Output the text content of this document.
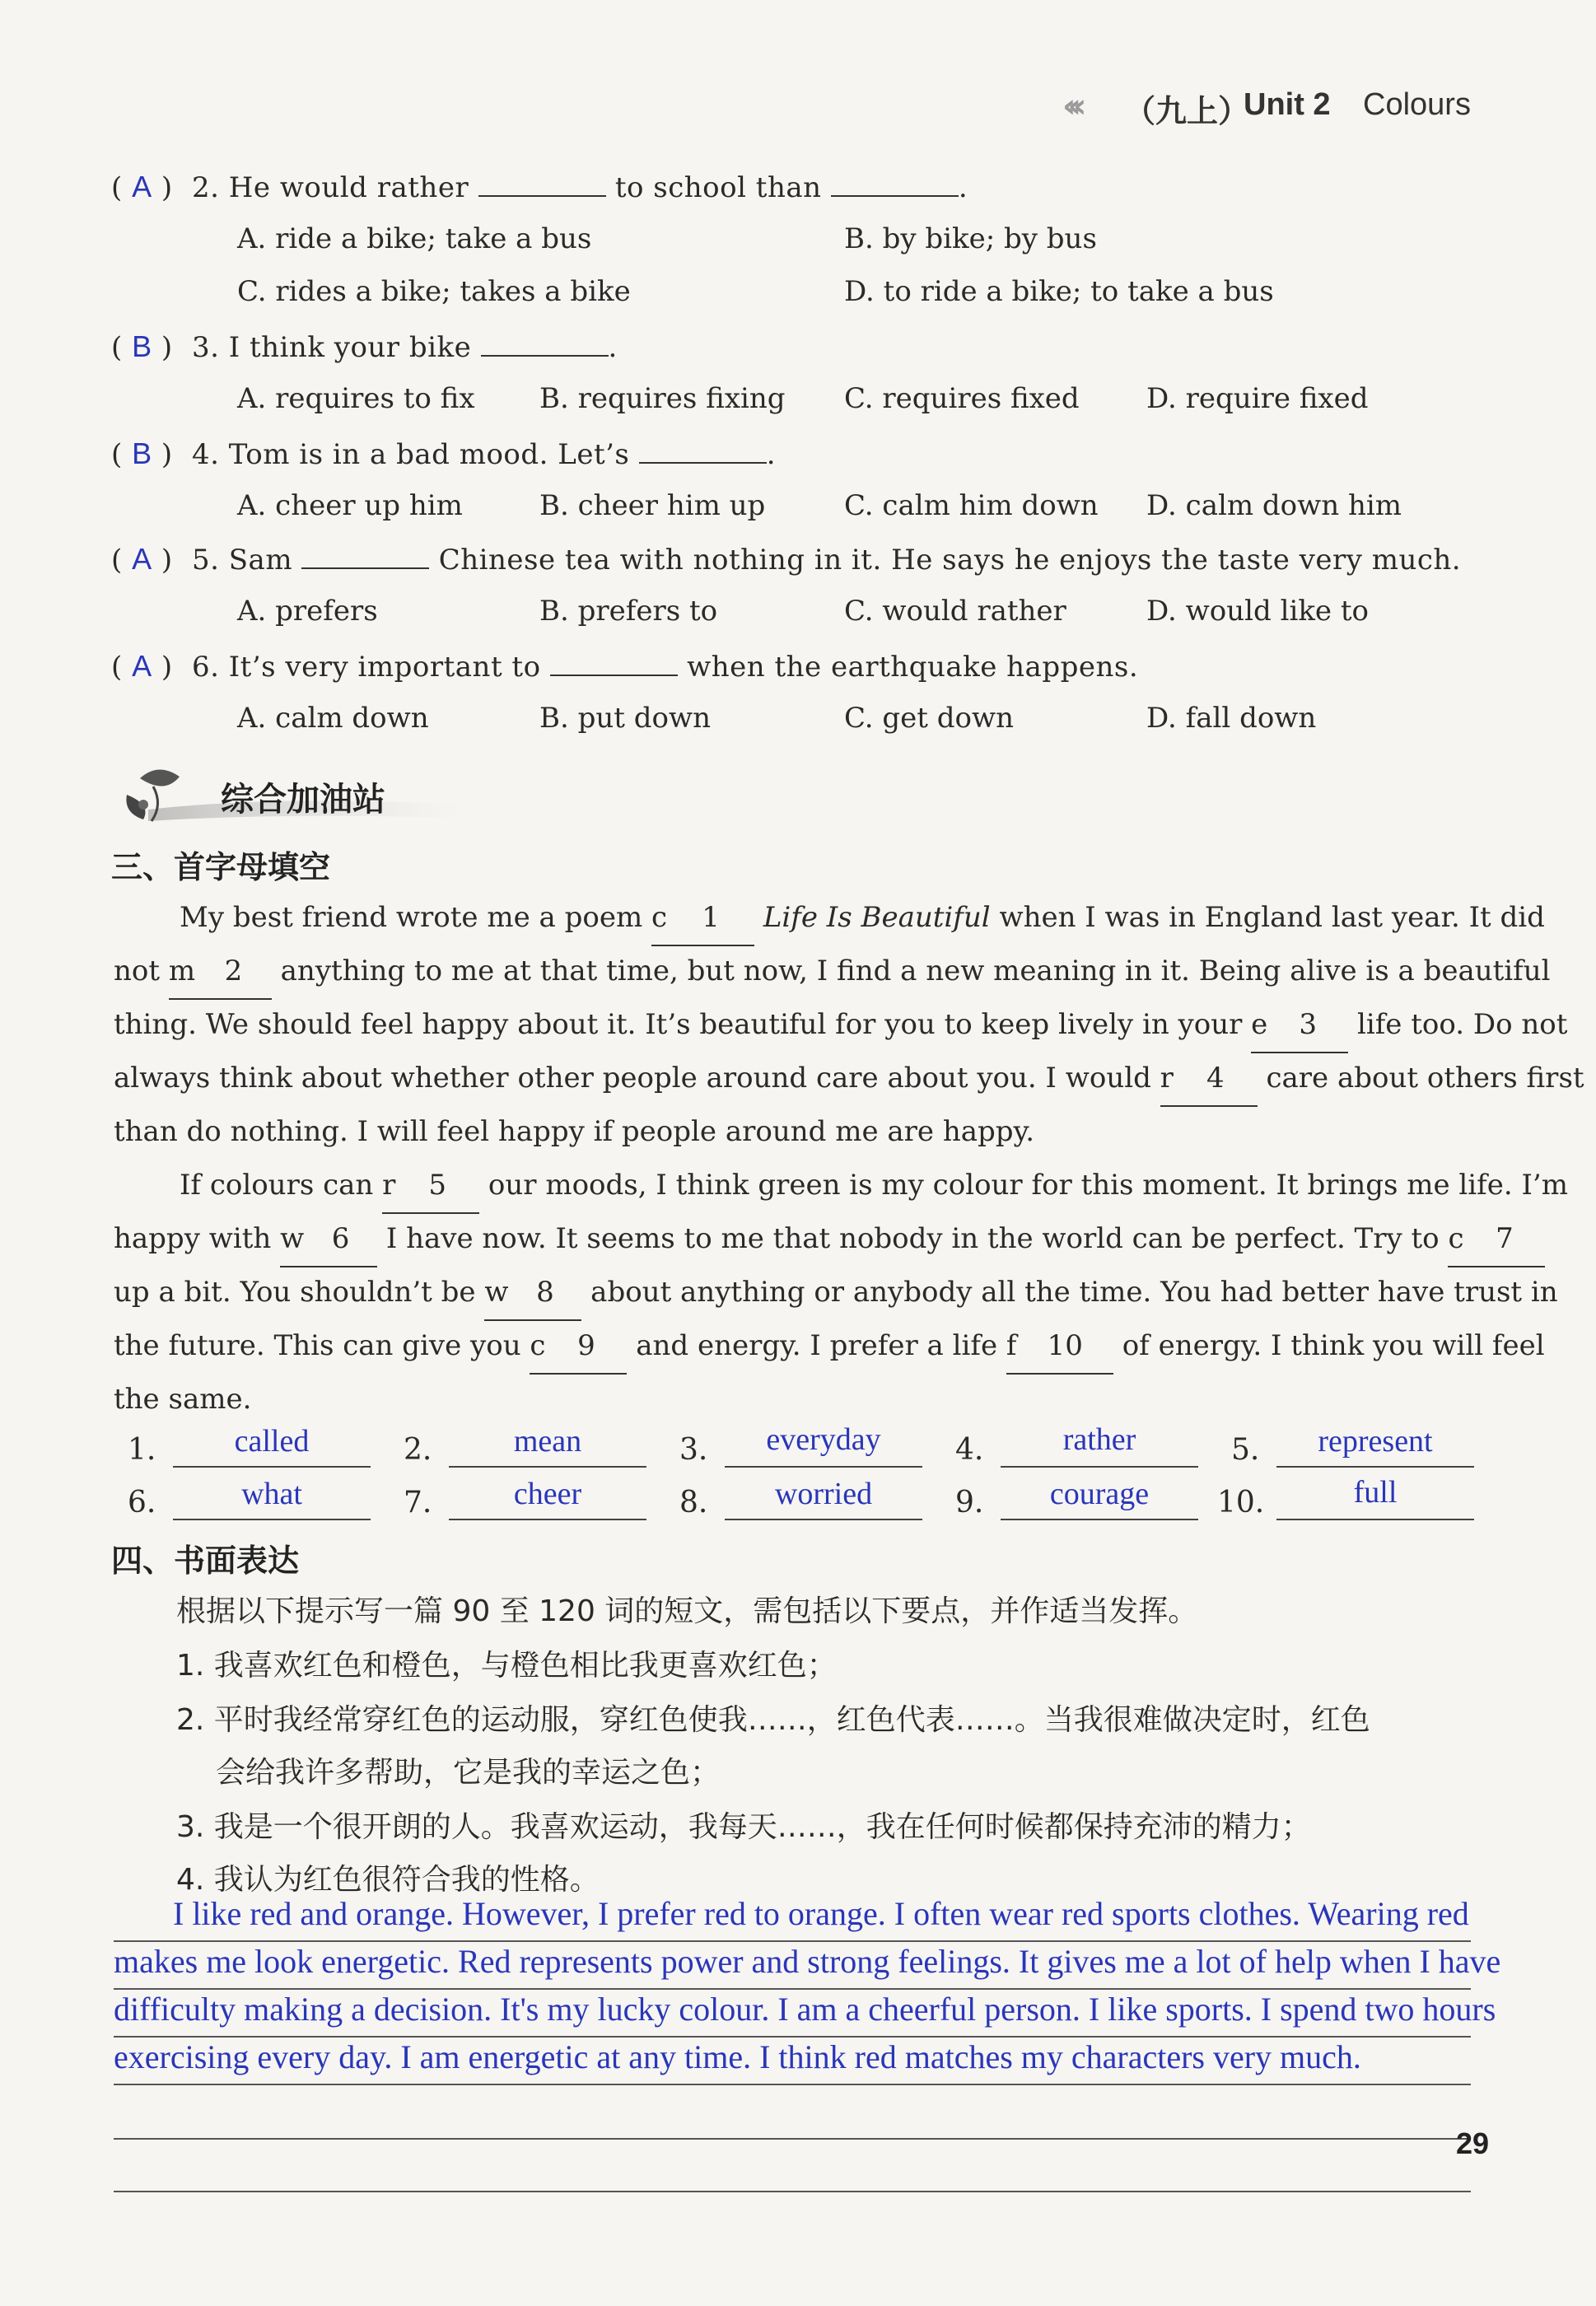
‹‹‹ （九上）
Unit 2 Colours
( A ) 2. He would rather	to school than	.
A. ride a bike; take a bus	B. by bike; by bus
C. rides a bike; takes a bike	D. to ride a bike; to take a bus
( B ) 3. I think your bike	.
A. requires to fix B. requires fixing C. requires fixed D. require fixed
( B ) 4. Tom is in a bad mood. Let’s	.
A. cheer up him	B. cheer him up	C. calm him down D. calm down him
( A ) 5. Sam	Chinese tea with nothing in it. He says he enjoys the taste very much.
A. prefers	B. prefers to	C. would rather	D. would like to
( A ) 6. It’s very important to	when the earthquake happens.
A. calm down	B. put down	C. get down	D. fall down
综合加油站
三、首字母填空
My best friend wrote me a poem c 1 Life Is Beautiful when I was in England last year. It did
not m 2 anything to me at that time, but now, I find a new meaning in it. Being alive is a beautiful
thing. We should feel happy about it. It’s beautiful for you to keep lively in your e 3 life too. Do not
always think about whether other people around care about you. I would r 4 care about others first
than do nothing. I will feel happy if people around me are happy.
If colours can r 5 our moods, I think green is my colour for this moment. It brings me life. I’m
happy with w 6 I have now. It seems to me that nobody in the world can be perfect. Try to c 7
up a bit. You shouldn’t be w 8 about anything or anybody all the time. You had better have trust in
the future. This can give you c 9 and energy. I prefer a life f 10 of energy. I think you will feel
the same.
1.	called	2.	mean	3.	everyday	4.	rather	5.	represent
6.	what	7.	cheer	8.	worried	9.	courage	10.	full
四、书面表达
根据以下提示写一篇 90 至 120 词的短文，需包括以下要点，并作适当发挥。
1. 我喜欢红色和橙色，与橙色相比我更喜欢红色；
2. 平时我经常穿红色的运动服，穿红色使我……，红色代表……。当我很难做决定时，红色
会给我许多帮助，它是我的幸运之色；
3. 我是一个很开朗的人。我喜欢运动，我每天……，我在任何时候都保持充沛的精力；
4. 我认为红色很符合我的性格。
I like red and orange. However, I prefer red to orange. I often wear red sports clothes. Wearing red
makes me look energetic. Red represents power and strong feelings. It gives me a lot of help when I have
difficulty making a decision. It's my lucky colour. I am a cheerful person. I like sports. I spend two hours
exercising every day. I am energetic at any time. I think red matches my characters very much.
29
